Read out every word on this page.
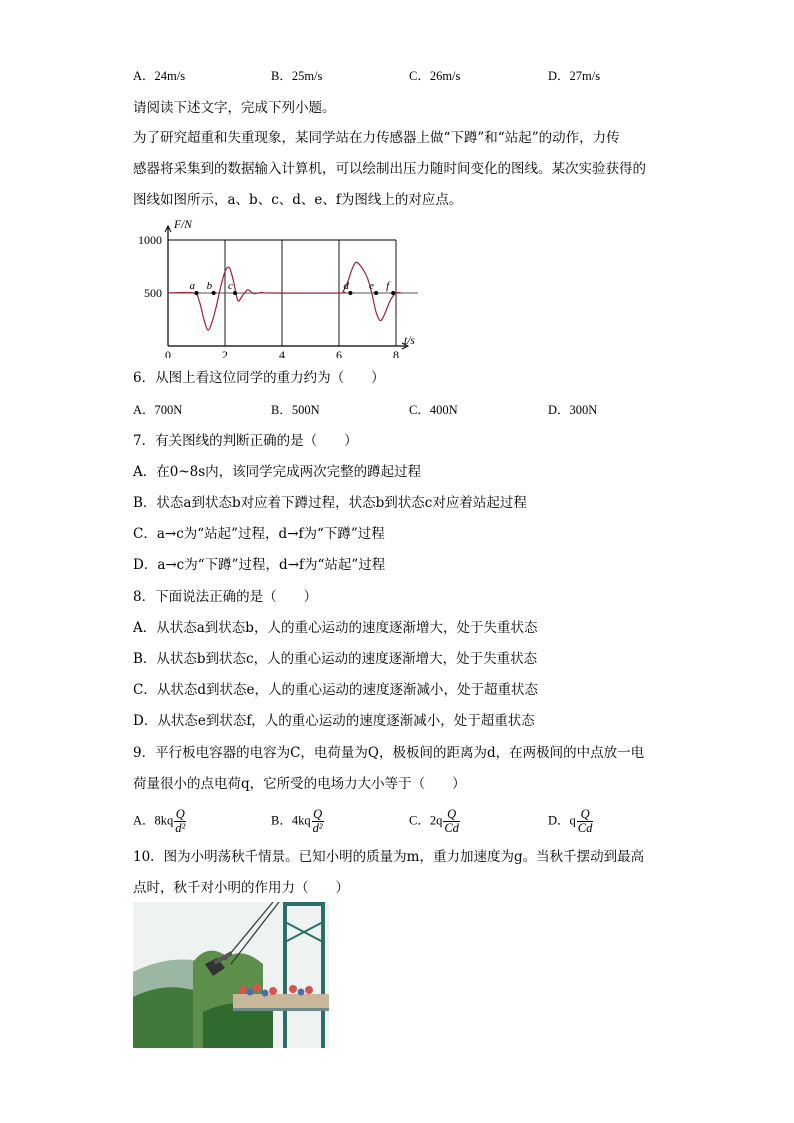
A．24m/s	B．25m/s	C．26m/s	D．27m/s
请阅读下述文字，完成下列小题。
为了研究超重和失重现象，某同学站在力传感器上做“下蹲”和“站起”的动作，力传
感器将采集到的数据输入计算机，可以绘制出压力随时间变化的图线。某次实验获得的
图线如图所示，a、b、c、d、e、f为图线上的对应点。
a b c	d e f
1000
500
0	2	4	6	8
F/N
t/s
6．从图上看这位同学的重力约为（　　）
A．700N	B．500N	C．400N	D．300N
7．有关图线的判断正确的是（　　）
A．在0~8s内，该同学完成两次完整的蹲起过程
B．状态a到状态b对应着下蹲过程，状态b到状态c对应着站起过程
C．a→c为“站起”过程，d→f为“下蹲”过程
D．a→c为“下蹲”过程，d→f为“站起”过程
8．下面说法正确的是（　　）
A．从状态a到状态b，人的重心运动的速度逐渐增大，处于失重状态
B．从状态b到状态c，人的重心运动的速度逐渐增大，处于失重状态
C．从状态d到状态e，人的重心运动的速度逐渐减小，处于超重状态
D．从状态e到状态f，人的重心运动的速度逐渐减小，处于超重状态
9．平行板电容器的电容为C，电荷量为Q，极板间的距离为d，在两极间的中点放一电
荷量很小的点电荷q，它所受的电场力大小等于（　　）
A．$8kq \frac{Q}{\text{d²}}$	B．$4kq \frac{Q}{\text{d²}}$	C．$2q \frac{Q}{Cd}$	D．q $\frac{Q}{Cd}$
10．图为小明荡秋千情景。已知小明的质量为m，重力加速度为g。当秋千摆动到最高
点时，秋千对小明的作用力（　　）
